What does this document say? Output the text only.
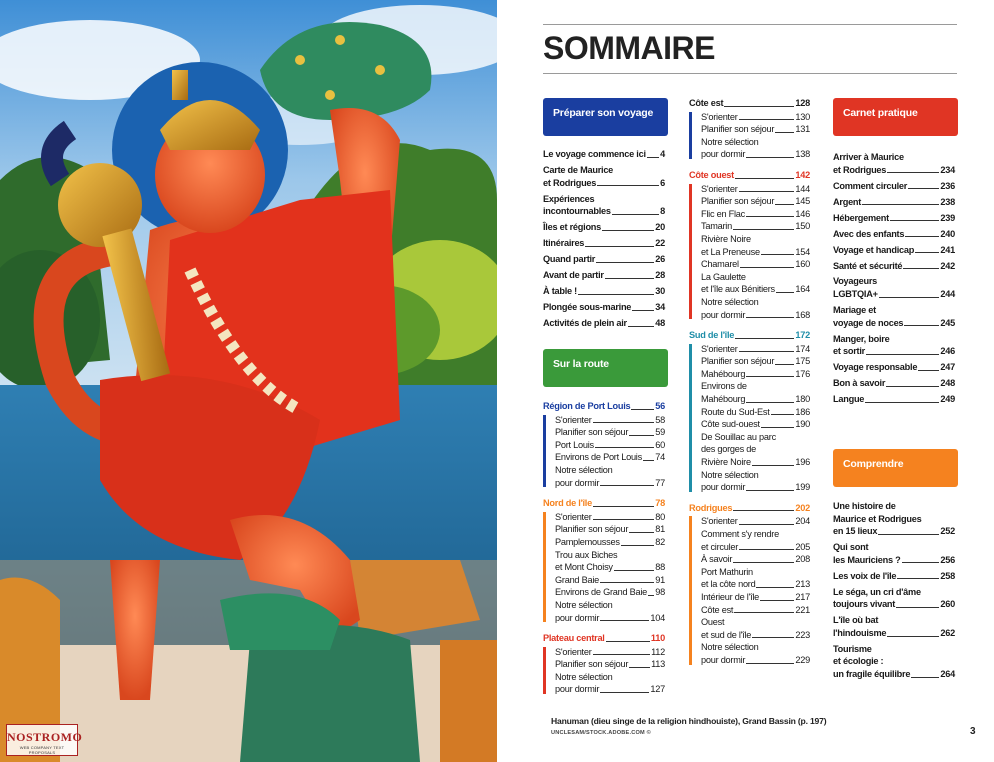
NOSTROMO
WEB COMPANY TEXT PROPOSALS
SOMMAIRE
Préparer son voyage
Le voyage commence ici 4
Carte de Maurice
et Rodrigues	6
Expériences
incontournables	8
Îles et régions	20
Itinéraires	22
Quand partir	26
Avant de partir	28
À table !	30
Plongée sous-marine	34
Activités de plein air	48
Sur la route
Région de Port Louis	56
S'orienter	58
Planifier son séjour	59
Port Louis	60
Environs de Port Louis 74
Notre sélection
pour dormir	77
Nord de l'île	78
S'orienter	80
Planifier son séjour	81
Pamplemousses	82
Trou aux Biches
et Mont Choisy	88
Grand Baie	91
Environs de Grand Baie 98
Notre sélection
pour dormir	104
Plateau central	110
S'orienter	112
Planifier son séjour 113
Notre sélection
pour dormir	127
Côte est	128
S'orienter	130
Planifier son séjour 131
Notre sélection
pour dormir	138
Côte ouest	142
S'orienter	144
Planifier son séjour 145
Flic en Flac	146
Tamarin	150
Rivière Noire
et La Preneuse	154
Chamarel	160
La Gaulette
et l'île aux Bénitiers 164
Notre sélection
pour dormir	168
Sud de l'île	172
S'orienter	174
Planifier son séjour 175
Mahébourg	176
Environs de
Mahébourg	180
Route du Sud-Est	186
Côte sud-ouest	190
De Souillac au parc
des gorges de
Rivière Noire	196
Notre sélection
pour dormir	199
Rodrigues	202
S'orienter	204
Comment s'y rendre
et circuler	205
À savoir	208
Port Mathurin
et la côte nord	213
Intérieur de l'île	217
Côte est	221
Ouest
et sud de l'île	223
Notre sélection
pour dormir	229
Carnet pratique
Arriver à Maurice
et Rodrigues	234
Comment circuler	236
Argent	238
Hébergement	239
Avec des enfants	240
Voyage et handicap	241
Santé et sécurité	242
Voyageurs
LGBTQIA+	244
Mariage et
voyage de noces	245
Manger, boire
et sortir	246
Voyage responsable	247
Bon à savoir	248
Langue	249
Comprendre
Une histoire de
Maurice et Rodrigues
en 15 lieux	252
Qui sont
les Mauriciens ?	256
Les voix de l'île	258
Le séga, un cri d'âme
toujours vivant	260
L'île où bat
l'hindouisme	262
Tourisme
et écologie :
un fragile équilibre	264
Hanuman (dieu singe de la religion hindhouiste), Grand Bassin (p. 197)
UNCLESAM/STOCK.ADOBE.COM ©	3
